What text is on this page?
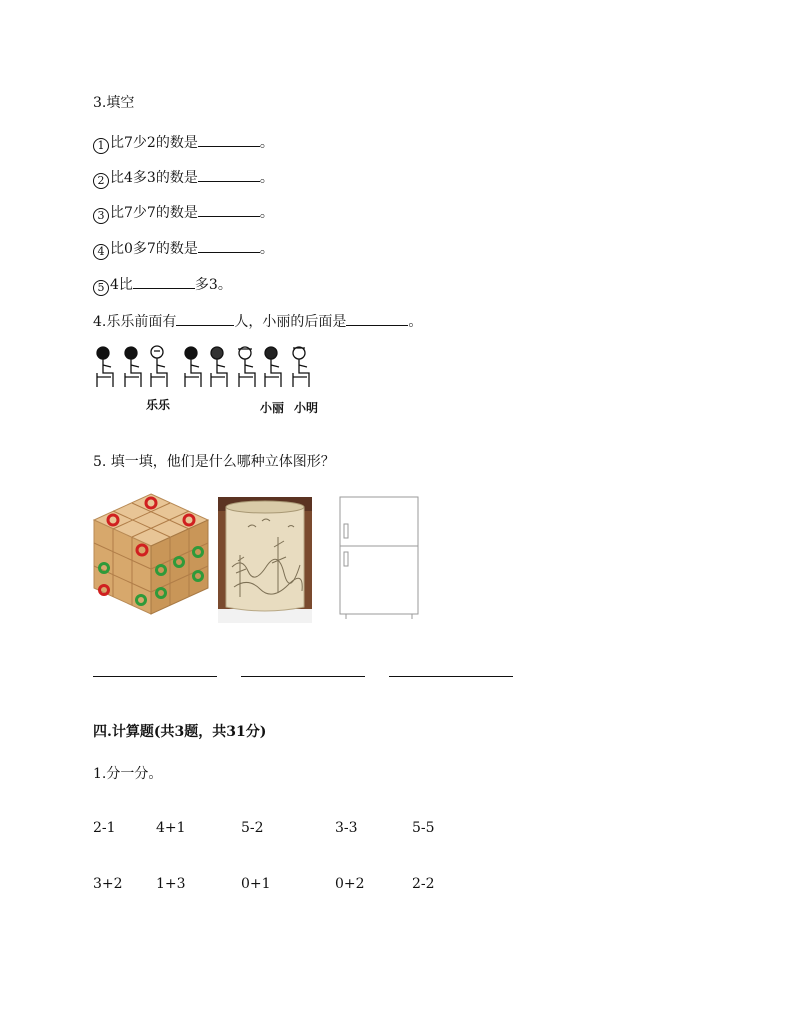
3.填空
1 比7少2的数是	。
2 比4多3的数是	。
3 比7少7的数是	。
4 比0多7的数是	。
5 4比	多3。
4.乐乐前面有	人，小丽的后面是	。
乐乐	小丽 小明
5. 填一填，他们是什么哪种立体图形？
四.计算题(共3题，共31分)
1.分一分。
2-1	4+1	5-2	3-3	5-5
3+2 1+3	0+1	0+2	2-2
